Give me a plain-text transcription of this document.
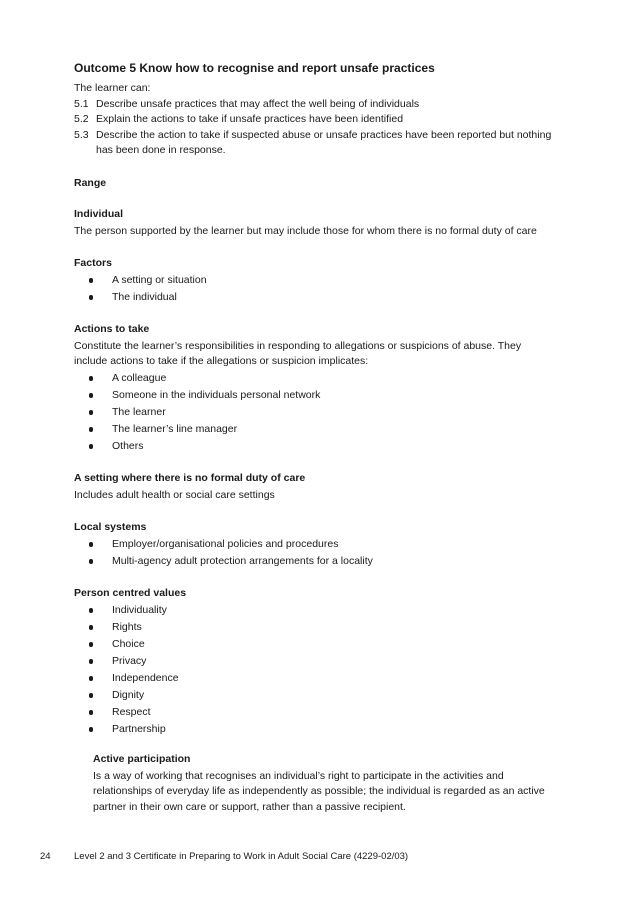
Outcome 5 Know how to recognise and report unsafe practices
The learner can:
5.1 Describe unsafe practices that may affect the well being of individuals
5.2 Explain the actions to take if unsafe practices have been identified
5.3 Describe the action to take if suspected abuse or unsafe practices have been reported but nothing has been done in response.
Range
Individual
The person supported by the learner but may include those for whom there is no formal duty of care
Factors
A setting or situation
The individual
Actions to take
Constitute the learner’s responsibilities in responding to allegations or suspicions of abuse. They include actions to take if the allegations or suspicion implicates:
A colleague
Someone in the individuals personal network
The learner
The learner’s line manager
Others
A setting where there is no formal duty of care
Includes adult health or social care settings
Local systems
Employer/organisational policies and procedures
Multi-agency adult protection arrangements for a locality
Person centred values
Individuality
Rights
Choice
Privacy
Independence
Dignity
Respect
Partnership
Active participation
Is a way of working that recognises an individual’s right to participate in the activities and relationships of everyday life as independently as possible; the individual is regarded as an active partner in their own care or support, rather than a passive recipient.
24 Level 2 and 3 Certificate in Preparing to Work in Adult Social Care (4229-02/03)
